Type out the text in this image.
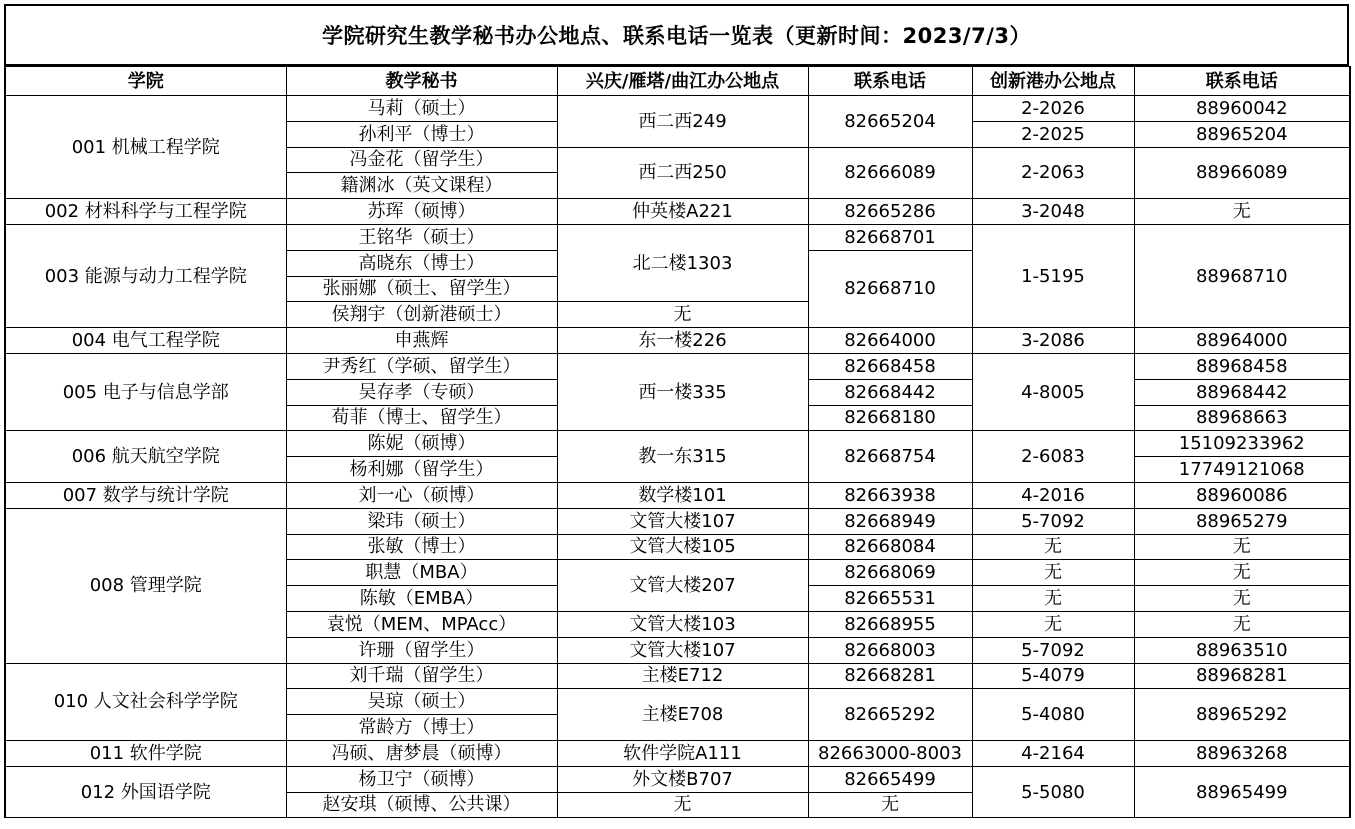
学院研究生教学秘书办公地点、联系电话一览表（更新时间：2023/7/3）
学院	教学秘书	兴庆/雁塔/曲江办公地点	联系电话	创新港办公地点	联系电话
001 机械工程学院	马莉（硕士）	西二西249	82665204	2-2026	88960042
	孙利平（博士）			2-2025	88965204
	冯金花（留学生）	西二西250	82666089	2-2063	88966089
	籍渊冰（英文课程）				
002 材料科学与工程学院	苏珲（硕博）	仲英楼A221	82665286	3-2048	无
003 能源与动力工程学院	王铭华（硕士）	北二楼1303	82668701	1-5195	88968710
	高晓东（博士）		82668710		
	张丽娜（硕士、留学生）				
	侯翔宇（创新港硕士）	无			
004 电气工程学院	申燕辉	东一楼226	82664000	3-2086	88964000
005 电子与信息学部	尹秀红（学硕、留学生）	西一楼335	82668458	4-8005	88968458
	吴存孝（专硕）		82668442		88968442
	荀菲（博士、留学生）		82668180		88968663
006 航天航空学院	陈妮（硕博）	教一东315	82668754	2-6083	15109233962
	杨利娜（留学生）				17749121068
007 数学与统计学院	刘一心（硕博）	数学楼101	82663938	4-2016	88960086
008 管理学院	梁玮（硕士）	文管大楼107	82668949	5-7092	88965279
	张敏（博士）	文管大楼105	82668084	无	无
	职慧（MBA）	文管大楼207	82668069	无	无
	陈敏（EMBA）		82665531	无	无
	袁悦（MEM、MPAcc）	文管大楼103	82668955	无	无
	许珊（留学生）	文管大楼107	82668003	5-7092	88963510
010 人文社会科学学院	刘千瑞（留学生）	主楼E712	82668281	5-4079	88968281
	吴琼（硕士）	主楼E708	82665292	5-4080	88965292
	常龄方（博士）				
011 软件学院	冯硕、唐梦晨（硕博）	软件学院A111	82663000-8003	4-2164	88963268
012 外国语学院	杨卫宁（硕博）	外文楼B707	82665499	5-5080	88965499
	赵安琪（硕博、公共课）	无	无		
